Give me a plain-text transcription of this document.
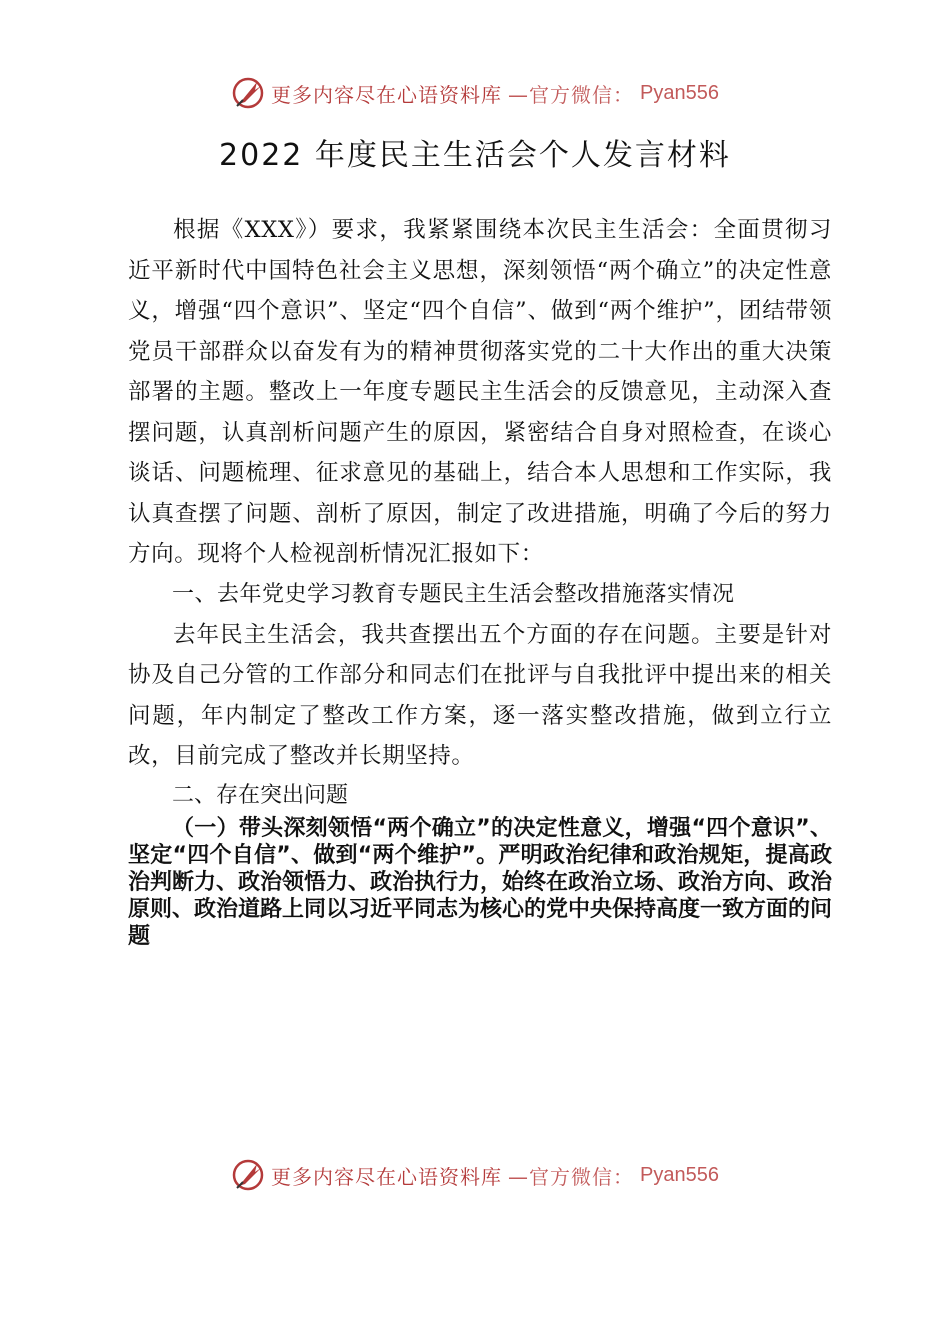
更多内容尽在心语资料库 —官方微信： Pyan556
2022 年度民主生活会个人发言材料

根据《XXX》）要求，我紧紧围绕本次民主生活会：全面贯彻习近平新时代中国特色社会主义思想，深刻领悟“两个确立”的决定性意义，增强“四个意识”、坚定“四个自信”、做到“两个维护”，团结带领党员干部群众以奋发有为的精神贯彻落实党的二十大作出的重大决策部署的主题。整改上一年度专题民主生活会的反馈意见，主动深入查摆问题，认真剖析问题产生的原因，紧密结合自身对照检查，在谈心谈话、问题梳理、征求意见的基础上，结合本人思想和工作实际，我认真查摆了问题、剖析了原因，制定了改进措施，明确了今后的努力方向。现将个人检视剖析情况汇报如下：

一、去年党史学习教育专题民主生活会整改措施落实情况

去年民主生活会，我共查摆出五个方面的存在问题。主要是针对协及自己分管的工作部分和同志们在批评与自我批评中提出来的相关问题，年内制定了整改工作方案，逐一落实整改措施，做到立行立改，目前完成了整改并长期坚持。

二、存在突出问题

（一）带头深刻领悟“两个确立”的决定性意义，增强“四个意识”、坚定“四个自信”、做到“两个维护”。严明政治纪律和政治规矩，提高政治判断力、政治领悟力、政治执行力，始终在政治立场、政治方向、政治原则、政治道路上同以习近平同志为核心的党中央保持高度一致方面的问题

更多内容尽在心语资料库 —官方微信： Pyan556
